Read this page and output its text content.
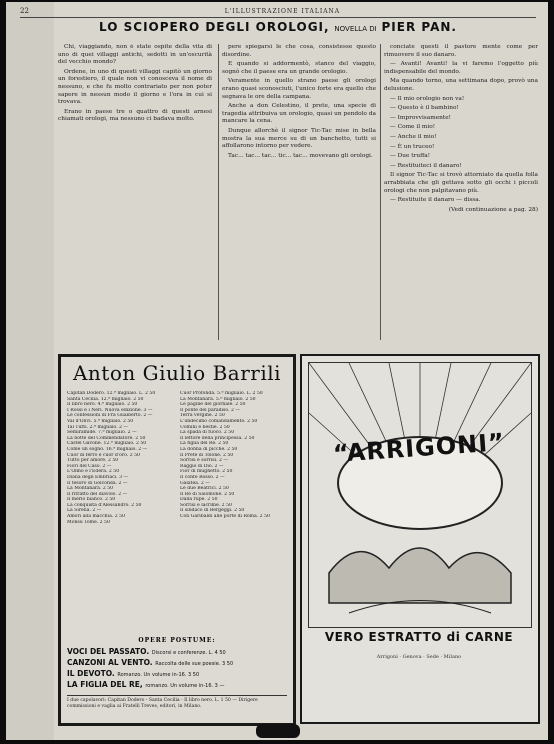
22	L'ILLUSTRAZIONE ITALIANA
LO SCIOPERO DEGLI OROLOGI, NOVELLA DI PIER PAN.

Chi, viaggiando, non è state ospite della vita di uno di quei villaggi antichi, sedotti in un'oscurità del vecchio mondo?

Ordene, in uno di questi villaggi capitò un giorno un forestiero, il quale non vi conosceva il nome di nessuno, e che fu molto contrariato per non poter sapere in nessun modo il giorno e l'ora in cui si trovava.

Erano in paese tre o quattro di questi arnesi chiamati orologi, ma nessuno ci badava molto.

pere spiegarsi le che cosa, consistesse questo disordine.

E quando si addormentò, stanco del viaggio, sognò che il paese era un grande orologio.

Veramente in quello strano paese gli orologi erano quasi sconosciuti, l'unico forte era quello che segnava le ore della campana.

Anche a don Celestino, il prete, una specie di tragedia attribuiva un orologio, quasi un pendolo da mancare la cena.

Dunque allorchè il signor Tic-Tac mise in bella mostra la sua merce su di un banchetto, tutti si affollarono intorno per vedere.

Tac... tac... tac... tic... tac... movevano gli orologi.

conciate questi il pastore mente come per rimuovere il suo danaro.

— Avanti! Avanti! la vi faremo l'oggetto più indispensabile del mondo.

Ma quando torno, una settimana dopo, provò una delusione.

— Il mio orologio non va!

— Questo è il bambino!

— Improvvisamente!

— Come il mio!

— Anche il mio!

— È un truceo!

— Due truffa!

— Restituiteci il danaro!

Il signor Tic-Tac si trovò attorniato da quella folla arrabbiata che gli gettava sotto gli occhi i piccoli orologi che non palpitavano più.

— Restituite il danaro — dissa.

(Vedi continuazione a pag. 28)

Anton Giulio Barrili
Capitan Dodero. 12.ª migliaio. L. 2 50
Santa Cecilia. 12.ª migliaio. 2 50
Il libro nero. 4.ª migliaio. 2 50
I Rossi e i Neri. Nuova edizione. 3 —
Le confessioni di Fra Gualberto. 2 —
Val d'Olivi. 5.ª migliaio. 2 50
Tal Tutti. 2.ª migliaio. 2 —
Semiramide. 7.ª migliaio. 2 —
La notte del Commendatore. 2 50
Castel Gavone. 12.ª migliaio. 2 50
Come un sogno. 16.ª migliaio. 2 —
Cuor di ferro e cuor d'oro. 2 50
Tutto per amore. 2 50
Fiori del Caso. 2 —
L'Olmo e l'Edera. 2 50
Diana degli Embriaci. 3 —
Il tesoro di Golconda. 2 —
La Montanara. 2 50
Il ritratto del diavolo. 2 —
Il merlo bianco. 2 50
La conquista d'Alessandro. 2 50
La Sirena. 2 —
Amori alla macchia. 2 50
Monsù Tomè. 2 50
Cuor Profonda. 5.ª migliaio. L. 2 50
La Montanara. 5.ª migliaio. 2 50
Le pagine del giornale. 2 50
Il ponte del paradiso. 2 —
Terra vergine. 2 50
L'undecimo comandamento. 2 50
Uomini e bestie. 2 50
La spada di fuoco. 2 50
Il lettore della principessa. 2 50
La figlia del Re. 2 50
La donna di picche. 2 50
Il Prete di Tolone. 2 50
Sorrisi e sorrisi. 2 —
Raggio di Dio. 2 —
Fior di mughetto. 2 50
Il conte Rosso. 2 —
Galatea. 2 —
Le due Beatrici. 2 50
Il Re di Salomone. 2 50
Dalla rupe. 2 50
Sorrisi e lacrime. 2 50
Il sindaco di Bergeggi. 2 50
Con Garibaldi alle porte di Roma. 2 50
OPERE POSTUME:
VOCI DEL PASSATO. Discorsi e conferenze. L. 4 50
CANZONI AL VENTO. Raccolta delle sue poesie. 3 50
IL DEVOTO. Romanzo. Un volume in-16. 3 50
LA FIGLIA DEL RE, romanzo. Un volume in-16. 3 —
I due capolavori: Capitan Dodero - Santa Cecilia - Il libro nero. L. 1 50 — Dirigere commissioni e vaglia ai Fratelli Treves, editori, in Milano.
“ARRIGONI”
VERO ESTRATTO di CARNE
Arrigoni · Genova · Sede · Milano
